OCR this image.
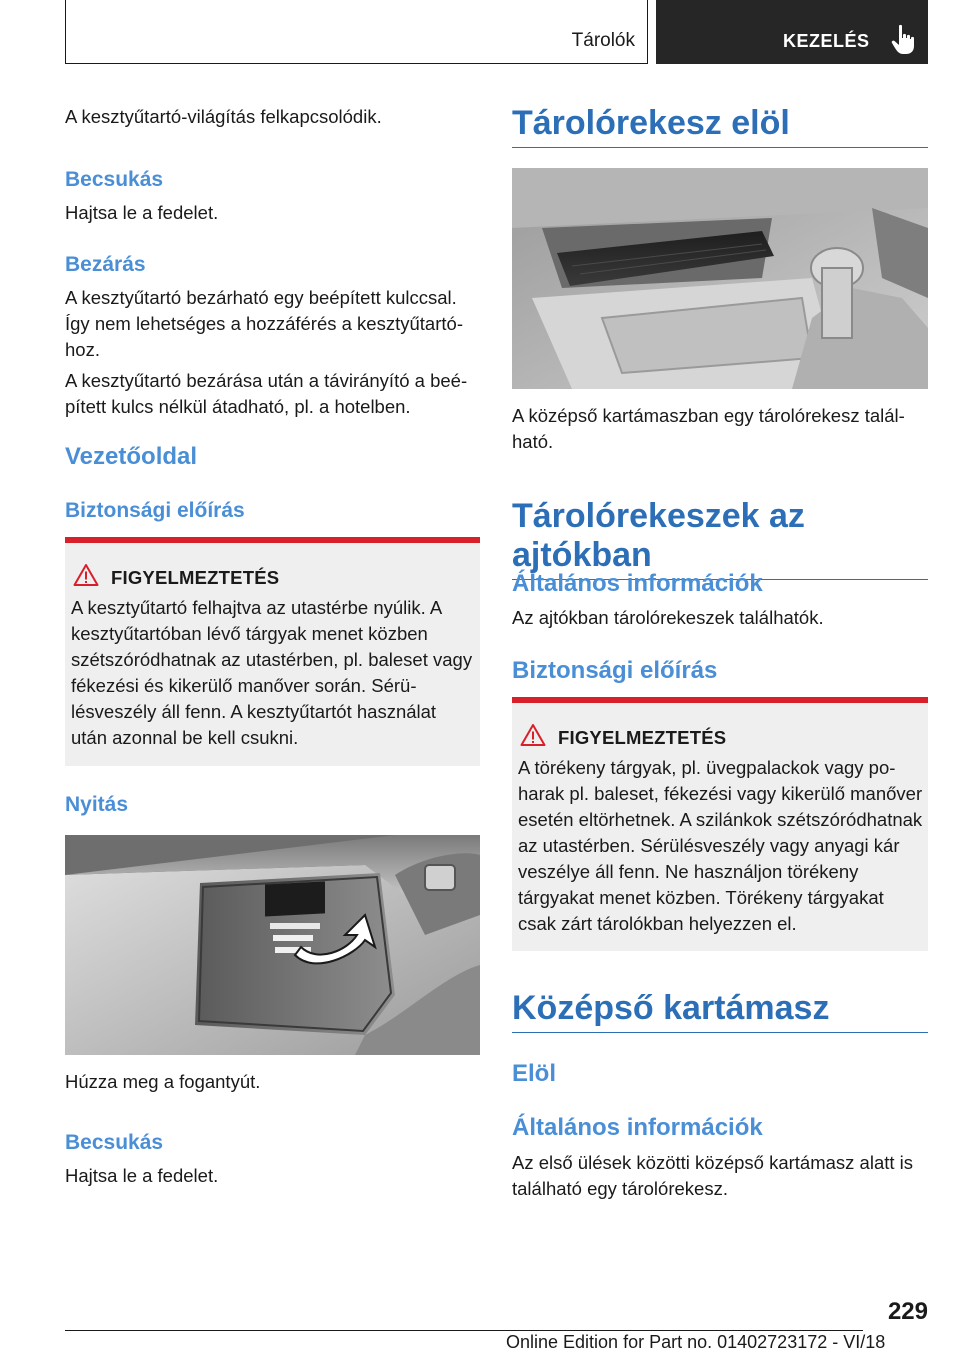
Tárolók	KEZELÉS

A kesztyűtartó-világítás felkapcsolódik.

Becsukás

Hajtsa le a fedelet.

Bezárás

A kesztyűtartó bezárható egy beépített kulccsal. Így nem lehetséges a hozzáférés a kesztyűtartóhoz.

A kesztyűtartó bezárása után a távirányító a beépített kulcs nélkül átadható, pl. a hotelben.

Vezetőoldal
Biztonsági előírás
FIGYELMEZTETÉS

A kesztyűtartó felhajtva az utastérbe nyúlik. A kesztyűtartóban lévő tárgyak menet közben szétszóródhatnak az utastérben, pl. baleset vagy fékezési és kikerülő manőver során. Sérülésveszély áll fenn. A kesztyűtartót használat után azonnal be kell csukni.

Nyitás

Húzza meg a fogantyút.

Becsukás

Hajtsa le a fedelet.

Tárolórekesz elöl

A középső kartámaszban egy tárolórekesz található.

Tárolórekeszek az ajtókban
Általános információk

Az ajtókban tárolórekeszek találhatók.

Biztonsági előírás
FIGYELMEZTETÉS

A törékeny tárgyak, pl. üvegpalackok vagy poharak pl. baleset, fékezési vagy kikerülő manőver esetén eltörhetnek. A szilánkok szétszóródhatnak az utastérben. Sérülésveszély vagy anyagi kár veszélye áll fenn. Ne használjon törékeny tárgyakat menet közben. Törékeny tárgyakat csak zárt tárolókban helyezzen el.

Középső kartámasz
Elöl
Általános információk

Az első ülések közötti középső kartámasz alatt is található egy tárolórekesz.

229
Online Edition for Part no. 01402723172 - VI/18
